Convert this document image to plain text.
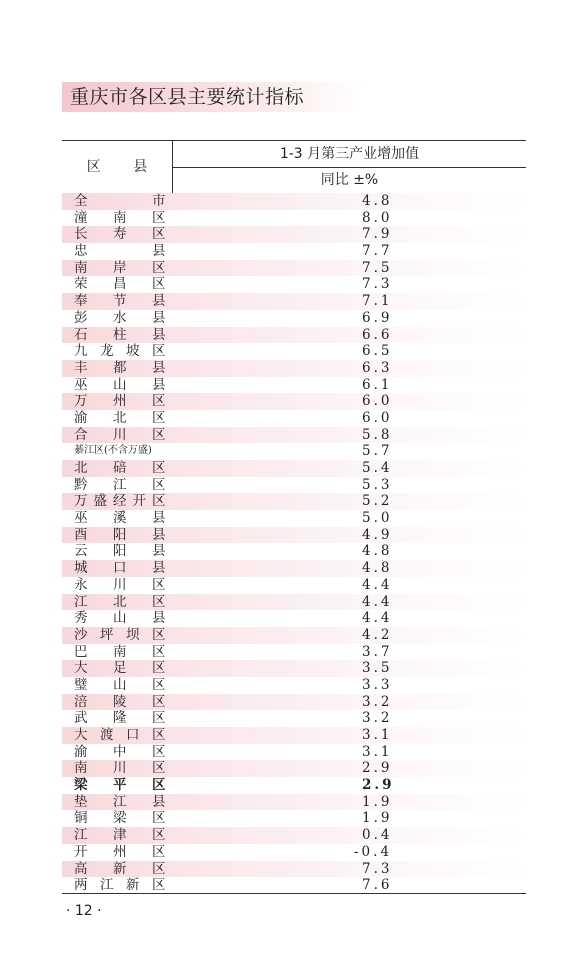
重庆市各区县主要统计指标
区 县
1-3 月第三产业增加值
同比 ±%
全	市	4.8
潼 南 区	8.0
长 寿 区	7.9
忠	县	7.7
南 岸 区	7.5
荣 昌 区	7.3
奉 节 县	7.1
彭 水 县	6.9
石 柱 县	6.6
九 龙 坡 区	6.5
丰 都 县	6.3
巫 山 县	6.1
万 州 区	6.0
渝 北 区	6.0
合 川 区	5.8
綦江区(不含万盛)	5.7
北 碚 区	5.4
黔 江 区	5.3
万 盛 经 开 区	5.2
巫 溪 县	5.0
酉 阳 县	4.9
云 阳 县	4.8
城 口 县	4.8
永 川 区	4.4
江 北 区	4.4
秀 山 县	4.4
沙 坪 坝 区	4.2
巴 南 区	3.7
大 足 区	3.5
璧 山 区	3.3
涪 陵 区	3.2
武 隆 区	3.2
大 渡 口 区	3.1
渝 中 区	3.1
南 川 区	2.9
梁 平 区	2.9
垫 江 县	1.9
铜 梁 区	1.9
江 津 区	0.4
开 州 区	-0.4
高 新 区	7.3
两 江 新 区	7.6
· 12 ·
